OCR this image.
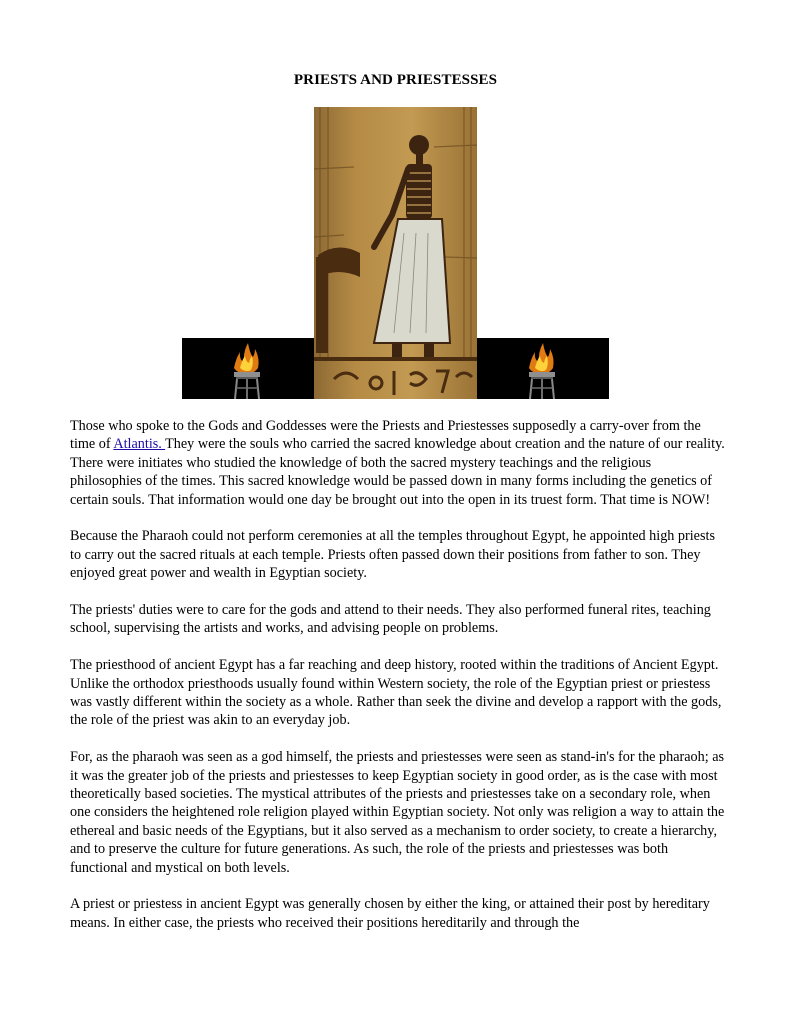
PRIESTS AND PRIESTESSES

Those who spoke to the Gods and Goddesses were the Priests and Priestesses supposedly a carry-over from the time of Atlantis. They were the souls who carried the sacred knowledge about creation and the nature of our reality. There were initiates who studied the knowledge of both the sacred mystery teachings and the religious philosophies of the times. This sacred knowledge would be passed down in many forms including the genetics of certain souls. That information would one day be brought out into the open in its truest form. That time is NOW!

Because the Pharaoh could not perform ceremonies at all the temples throughout Egypt, he appointed high priests to carry out the sacred rituals at each temple. Priests often passed down their positions from father to son. They enjoyed great power and wealth in Egyptian society.

The priests' duties were to care for the gods and attend to their needs. They also performed funeral rites, teaching school, supervising the artists and works, and advising people on problems.

The priesthood of ancient Egypt has a far reaching and deep history, rooted within the traditions of Ancient Egypt. Unlike the orthodox priesthoods usually found within Western society, the role of the Egyptian priest or priestess was vastly different within the society as a whole. Rather than seek the divine and develop a rapport with the gods, the role of the priest was akin to an everyday job.

For, as the pharaoh was seen as a god himself, the priests and priestesses were seen as stand-in's for the pharaoh; as it was the greater job of the priests and priestesses to keep Egyptian society in good order, as is the case with most theoretically based societies. The mystical attributes of the priests and priestesses take on a secondary role, when one considers the heightened role religion played within Egyptian society. Not only was religion a way to attain the ethereal and basic needs of the Egyptians, but it also served as a mechanism to order society, to create a hierarchy, and to preserve the culture for future generations. As such, the role of the priests and priestesses was both functional and mystical on both levels.

A priest or priestess in ancient Egypt was generally chosen by either the king, or attained their post by hereditary means. In either case, the priests who received their positions hereditarily and through the
